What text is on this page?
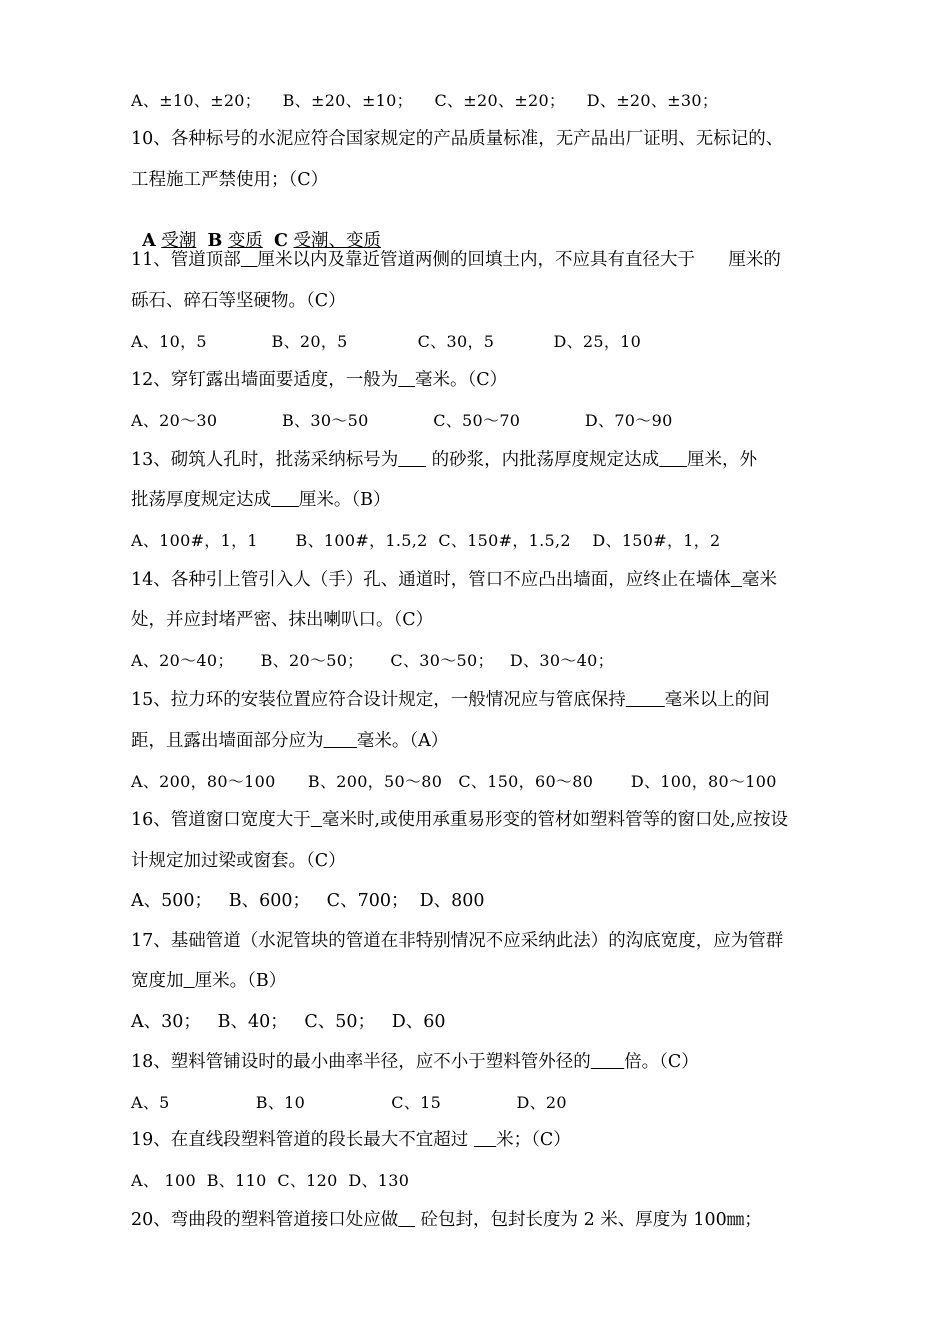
A、±10、±20；    B、±20、±10；    C、±20、±20；    D、±20、±30；
10、各种标号的水泥应符合国家规定的产品质量标准，无产品出厂证明、无标记的、
工程施工严禁使用；（C）

A 受潮 B 变质 C 受潮、变质

11、管道顶部 厘米以内及靠近管道两侧的回填土内，不应具有直径大于      厘米的
砾石、碎石等坚硬物。（C）
A、10，5            B、20，5             C、30，5           D、25，10
12、穿钉露出墙面要适度，一般为 毫米。（C）
A、20～30            B、30～50            C、50～70            D、70～90
13、砌筑人孔时，批荡采纳标号为      的砂浆，内批荡厚度规定达成 厘米，外
批荡厚度规定达成 厘米。（B）
A、100#，1，1       B、100#，1.5,2  C、150#，1.5,2    D、150#，1，2
14、各种引上管引入人（手）孔、通道时，管口不应凸出墙面，应终止在墙体 毫米
处，并应封堵严密、抹出喇叭口。（C）
A、20～40；     B、20～50；     C、30～50；   D、30～40；
15、拉力环的安装位置应符合设计规定，一般情况应与管底保持 毫米以上的间
距，且露出墙面部分应为 毫米。（A）
A、200，80～100      B、200，50～80   C、150，60～80       D、100，80～100
16、管道窗口宽度大于 毫米时,或使用承重易形变的管材如塑料管等的窗口处,应按设
计规定加过梁或窗套。（C）
A、500；   B、600；   C、700；  D、800
17、基础管道（水泥管块的管道在非特别情况不应采纳此法）的沟底宽度，应为管群
宽度加 厘米。（B）
A、30；   B、40；   C、50；   D、60
18、塑料管铺设时的最小曲率半径，应不小于塑料管外径的 倍。（C）
A、5                B、10                C、15              D、20
19、在直线段塑料管道的段长最大不宜超过     米；（C）
A、 100  B、110  C、120  D、130
20、弯曲段的塑料管道接口处应做    砼包封，包封长度为 2 米、厚度为 100㎜；
